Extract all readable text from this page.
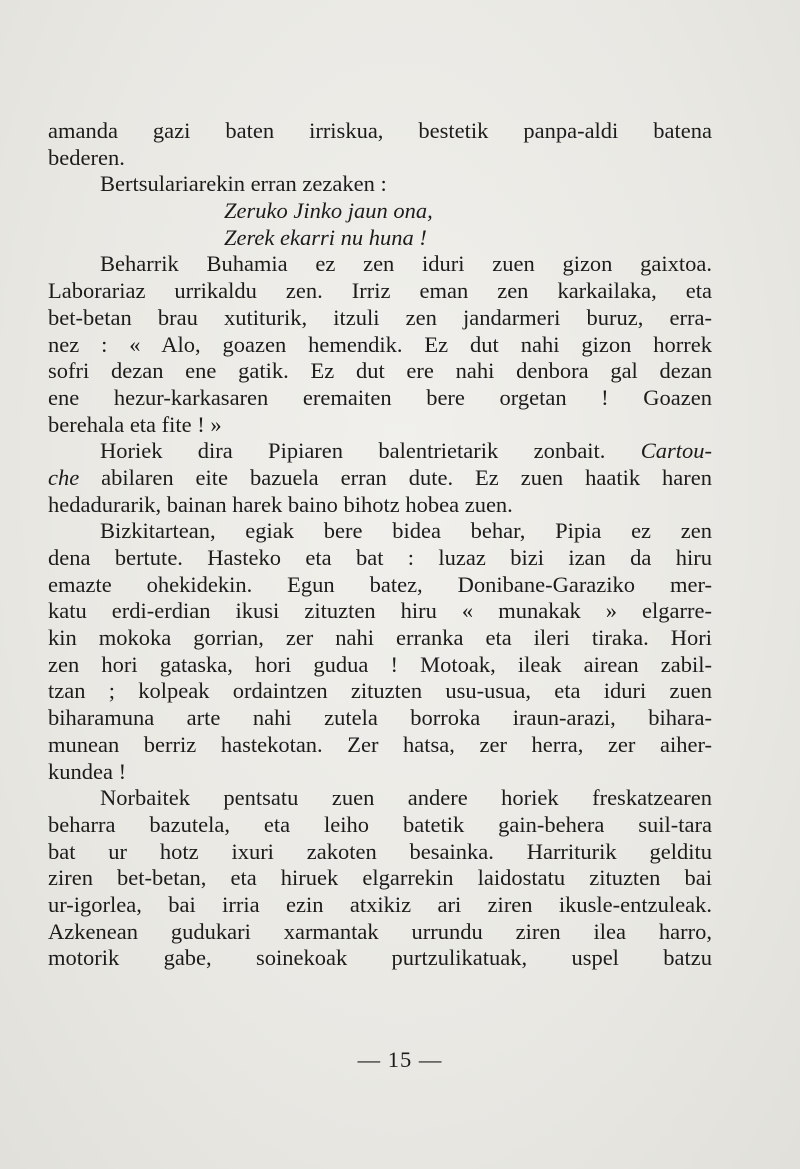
amanda gazi baten irriskua, bestetik panpa-aldi batena
bederen.
Bertsulariarekin erran zezaken :
Zeruko Jinko jaun ona,
Zerek ekarri nu huna !
Beharrik Buhamia ez zen iduri zuen gizon gaixtoa.
Laborariaz urrikaldu zen. Irriz eman zen karkailaka, eta
bet-betan brau xutiturik, itzuli zen jandarmeri buruz, erra-
nez : « Alo, goazen hemendik. Ez dut nahi gizon horrek
sofri dezan ene gatik. Ez dut ere nahi denbora gal dezan
ene hezur-karkasaren eremaiten bere orgetan ! Goazen
berehala eta fite ! »
Horiek dira Pipiaren balentrietarik zonbait. Cartou-
che abilaren eite bazuela erran dute. Ez zuen haatik haren
hedadurarik, bainan harek baino bihotz hobea zuen.
Bizkitartean, egiak bere bidea behar, Pipia ez zen
dena bertute. Hasteko eta bat : luzaz bizi izan da hiru
emazte ohekidekin. Egun batez, Donibane-Garaziko mer-
katu erdi-erdian ikusi zituzten hiru « munakak » elgarre-
kin mokoka gorrian, zer nahi erranka eta ileri tiraka. Hori
zen hori gataska, hori gudua ! Motoak, ileak airean zabil-
tzan ; kolpeak ordaintzen zituzten usu-usua, eta iduri zuen
biharamuna arte nahi zutela borroka iraun-arazi, bihara-
munean berriz hastekotan. Zer hatsa, zer herra, zer aiher-
kundea !
Norbaitek pentsatu zuen andere horiek freskatzearen
beharra bazutela, eta leiho batetik gain-behera suil-tara
bat ur hotz ixuri zakoten besainka. Harriturik gelditu
ziren bet-betan, eta hiruek elgarrekin laidostatu zituzten bai
ur-igorlea, bai irria ezin atxikiz ari ziren ikusle-entzuleak.
Azkenean gudukari xarmantak urrundu ziren ilea harro,
motorik gabe, soinekoak purtzulikatuak, uspel batzu
— 15 —
